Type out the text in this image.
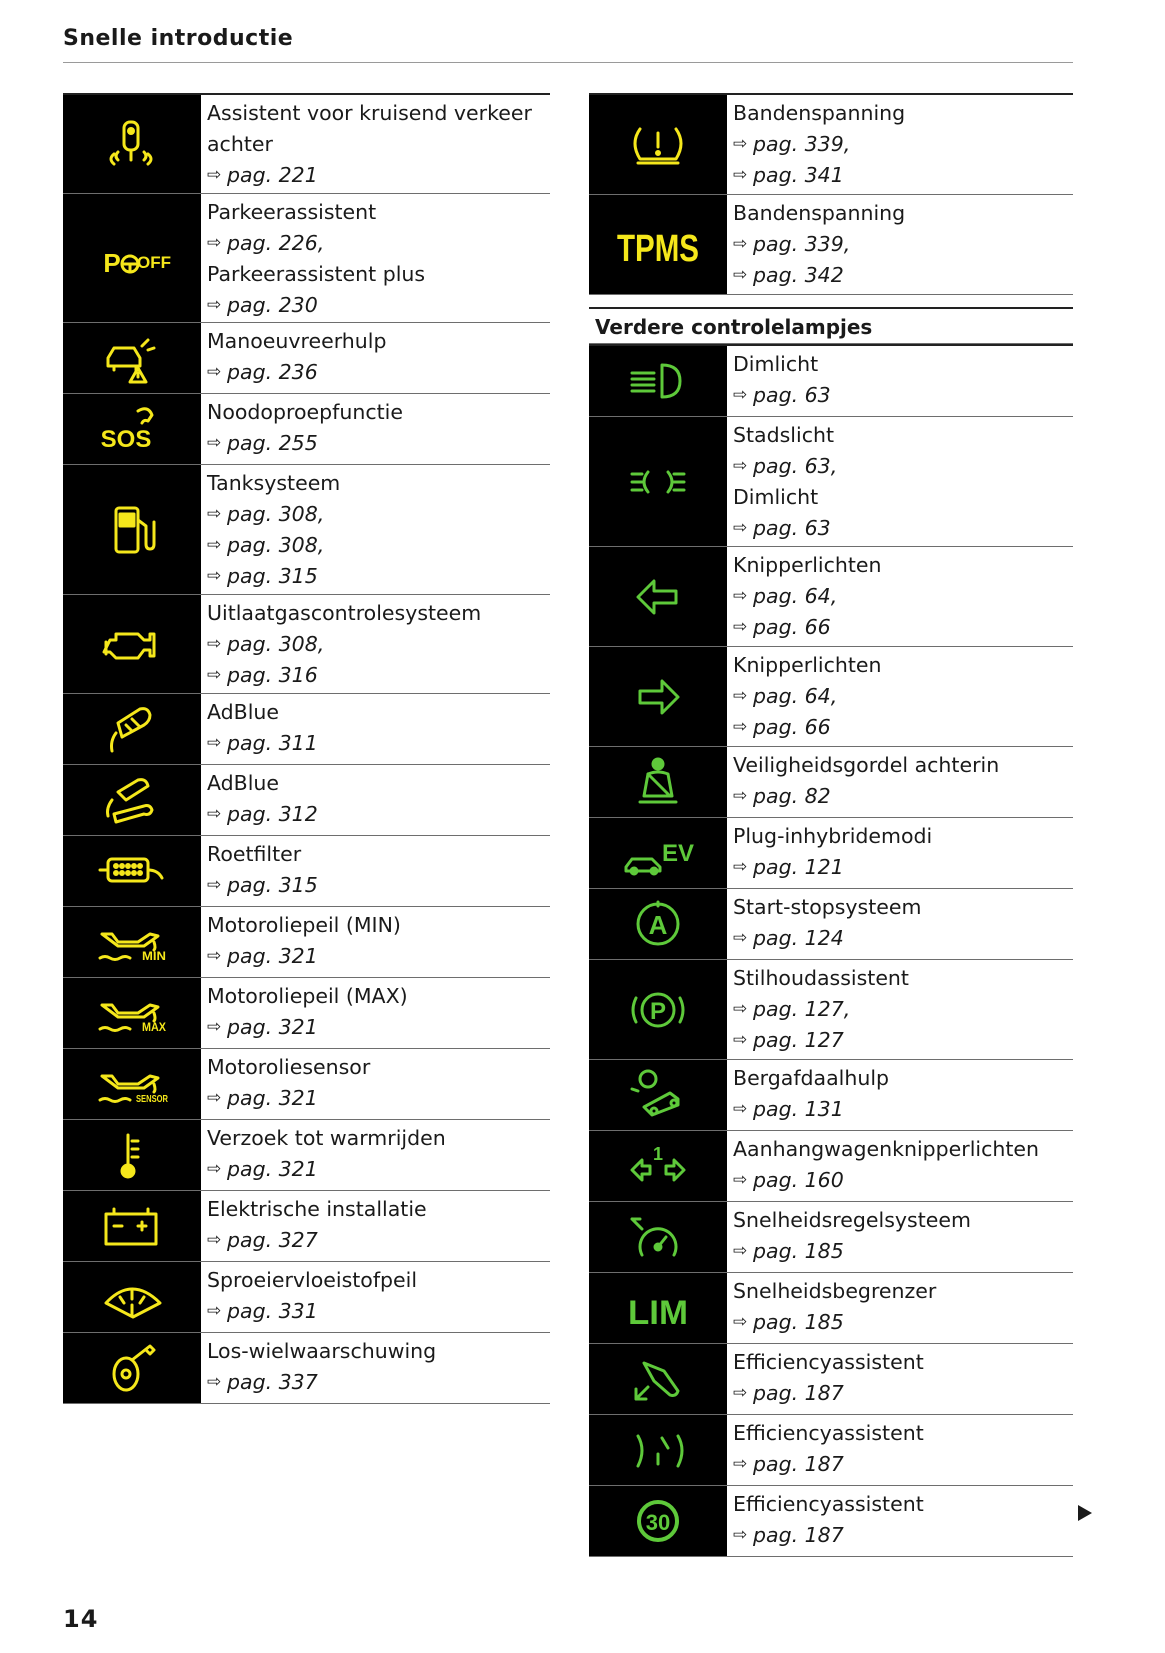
Snelle introductie
Assistent voor kruisend verkeer
achter
⇨ pag. 221
P OFF
Parkeerassistent
⇨ pag. 226,
Parkeerassistent plus
⇨ pag. 230
Manoeuvreerhulp
⇨ pag. 236
SOS
Noodoproepfunctie
⇨ pag. 255
Tanksysteem
⇨ pag. 308,
⇨ pag. 308,
⇨ pag. 315
Uitlaatgascontrolesysteem
⇨ pag. 308,
⇨ pag. 316
AdBlue
⇨ pag. 311
AdBlue
⇨ pag. 312
Roetfilter
⇨ pag. 315
MIN
Motoroliepeil (MIN)
⇨ pag. 321
MAX
Motoroliepeil (MAX)
⇨ pag. 321
SENSOR
Motoroliesensor
⇨ pag. 321
Verzoek tot warmrijden
⇨ pag. 321
Elektrische installatie
⇨ pag. 327
Sproeiervloeistofpeil
⇨ pag. 331
Los-wielwaarschuwing
⇨ pag. 337
Bandenspanning
⇨ pag. 339,
⇨ pag. 341
TPMS
Bandenspanning
⇨ pag. 339,
⇨ pag. 342
Verdere controlelampjes
Dimlicht
⇨ pag. 63
Stadslicht
⇨ pag. 63,
Dimlicht
⇨ pag. 63
Knipperlichten
⇨ pag. 64,
⇨ pag. 66
Knipperlichten
⇨ pag. 64,
⇨ pag. 66
Veiligheidsgordel achterin
⇨ pag. 82
EV
Plug-inhybridemodi
⇨ pag. 121
A
Start-stopsysteem
⇨ pag. 124
P
Stilhoudassistent
⇨ pag. 127,
⇨ pag. 127
Bergafdaalhulp
⇨ pag. 131
1	Aanhangwagenknipperlichten
⇨ pag. 160
Snelheidsregelsysteem
⇨ pag. 185
LIM
Snelheidsbegrenzer
⇨ pag. 185
Efficiencyassistent
⇨ pag. 187
Efficiencyassistent
⇨ pag. 187
30
Efficiencyassistent
⇨ pag. 187
14
